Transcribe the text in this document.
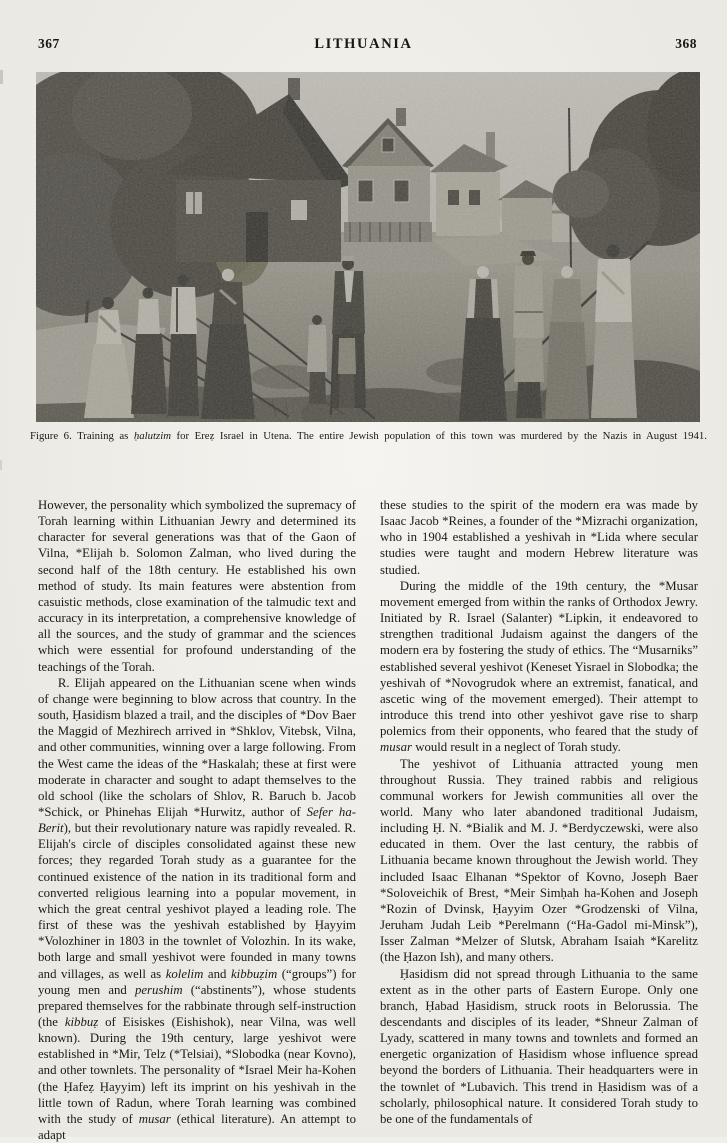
367	LITHUANIA	368
Figure 6. Training as ḥalutzim for Ereẓ Israel in Utena. The entire Jewish population of this town was murdered by the Nazis in August 1941.

However, the personality which symbolized the supremacy of Torah learning within Lithuanian Jewry and determined its character for several generations was that of the Gaon of Vilna, *Elijah b. Solomon Zalman, who lived during the second half of the 18th century. He established his own method of study. Its main features were abstention from casuistic methods, close examination of the talmudic text and accuracy in its interpretation, a comprehensive knowledge of all the sources, and the study of grammar and the sciences which were essential for profound understanding of the teachings of the Torah.

R. Elijah appeared on the Lithuanian scene when winds of change were beginning to blow across that country. In the south, Ḥasidism blazed a trail, and the disciples of *Dov Baer the Maggid of Mezhirech arrived in *Shklov, Vitebsk, Vilna, and other communities, winning over a large following. From the West came the ideas of the *Haskalah; these at first were moderate in character and sought to adapt themselves to the old school (like the scholars of Shlov, R. Baruch b. Jacob *Schick, or Phinehas Elijah *Hurwitz, author of Sefer ha-Berit), but their revolutionary nature was rapidly revealed. R. Elijah's circle of disciples consolidated against these new forces; they regarded Torah study as a guarantee for the continued existence of the nation in its traditional form and converted religious learning into a popular movement, in which the great central yeshivot played a leading role. The first of these was the yeshivah established by Ḥayyim *Volozhiner in 1803 in the townlet of Volozhin. In its wake, both large and small yeshivot were founded in many towns and villages, as well as kolelim and kibbuẓim (“groups”) for young men and perushim (“abstinents”), whose students prepared themselves for the rabbinate through self-instruction (the kibbuẓ of Eisiskes (Eishishok), near Vilna, was well known). During the 19th century, large yeshivot were established in *Mir, Telz (*Telsiai), *Slobodka (near Kovno), and other townlets. The personality of *Israel Meir ha-Kohen (the Ḥafeẓ Ḥayyim) left its imprint on his yeshivah in the little town of Radun, where Torah learning was combined with the study of musar (ethical literature). An attempt to adapt

these studies to the spirit of the modern era was made by Isaac Jacob *Reines, a founder of the *Mizrachi organization, who in 1904 established a yeshivah in *Lida where secular studies were taught and modern Hebrew literature was studied.

During the middle of the 19th century, the *Musar movement emerged from within the ranks of Orthodox Jewry. Initiated by R. Israel (Salanter) *Lipkin, it endeavored to strengthen traditional Judaism against the dangers of the modern era by fostering the study of ethics. The “Musarniks” established several yeshivot (Keneset Yisrael in Slobodka; the yeshivah of *Novogrudok where an extremist, fanatical, and ascetic wing of the movement emerged). Their attempt to introduce this trend into other yeshivot gave rise to sharp polemics from their opponents, who feared that the study of musar would result in a neglect of Torah study.

The yeshivot of Lithuania attracted young men throughout Russia. They trained rabbis and religious communal workers for Jewish communities all over the world. Many who later abandoned traditional Judaism, including Ḥ. N. *Bialik and M. J. *Berdyczewski, were also educated in them. Over the last century, the rabbis of Lithuania became known throughout the Jewish world. They included Isaac Elhanan *Spektor of Kovno, Joseph Baer *Soloveichik of Brest, *Meir Simḥah ha-Kohen and Joseph *Rozin of Dvinsk, Ḥayyim Ozer *Grodzenski of Vilna, Jeruham Judah Leib *Perelmann (“Ha-Gadol mi-Minsk”), Isser Zalman *Melzer of Slutsk, Abraham Isaiah *Karelitz (the Ḥazon Ish), and many others.

Ḥasidism did not spread through Lithuania to the same extent as in the other parts of Eastern Europe. Only one branch, Ḥabad Ḥasidism, struck roots in Belorussia. The descendants and disciples of its leader, *Shneur Zalman of Lyady, scattered in many towns and townlets and formed an energetic organization of Ḥasidism whose influence spread beyond the borders of Lithuania. Their headquarters were in the townlet of *Lubavich. This trend in Ḥasidism was of a scholarly, philosophical nature. It considered Torah study to be one of the fundamentals of
